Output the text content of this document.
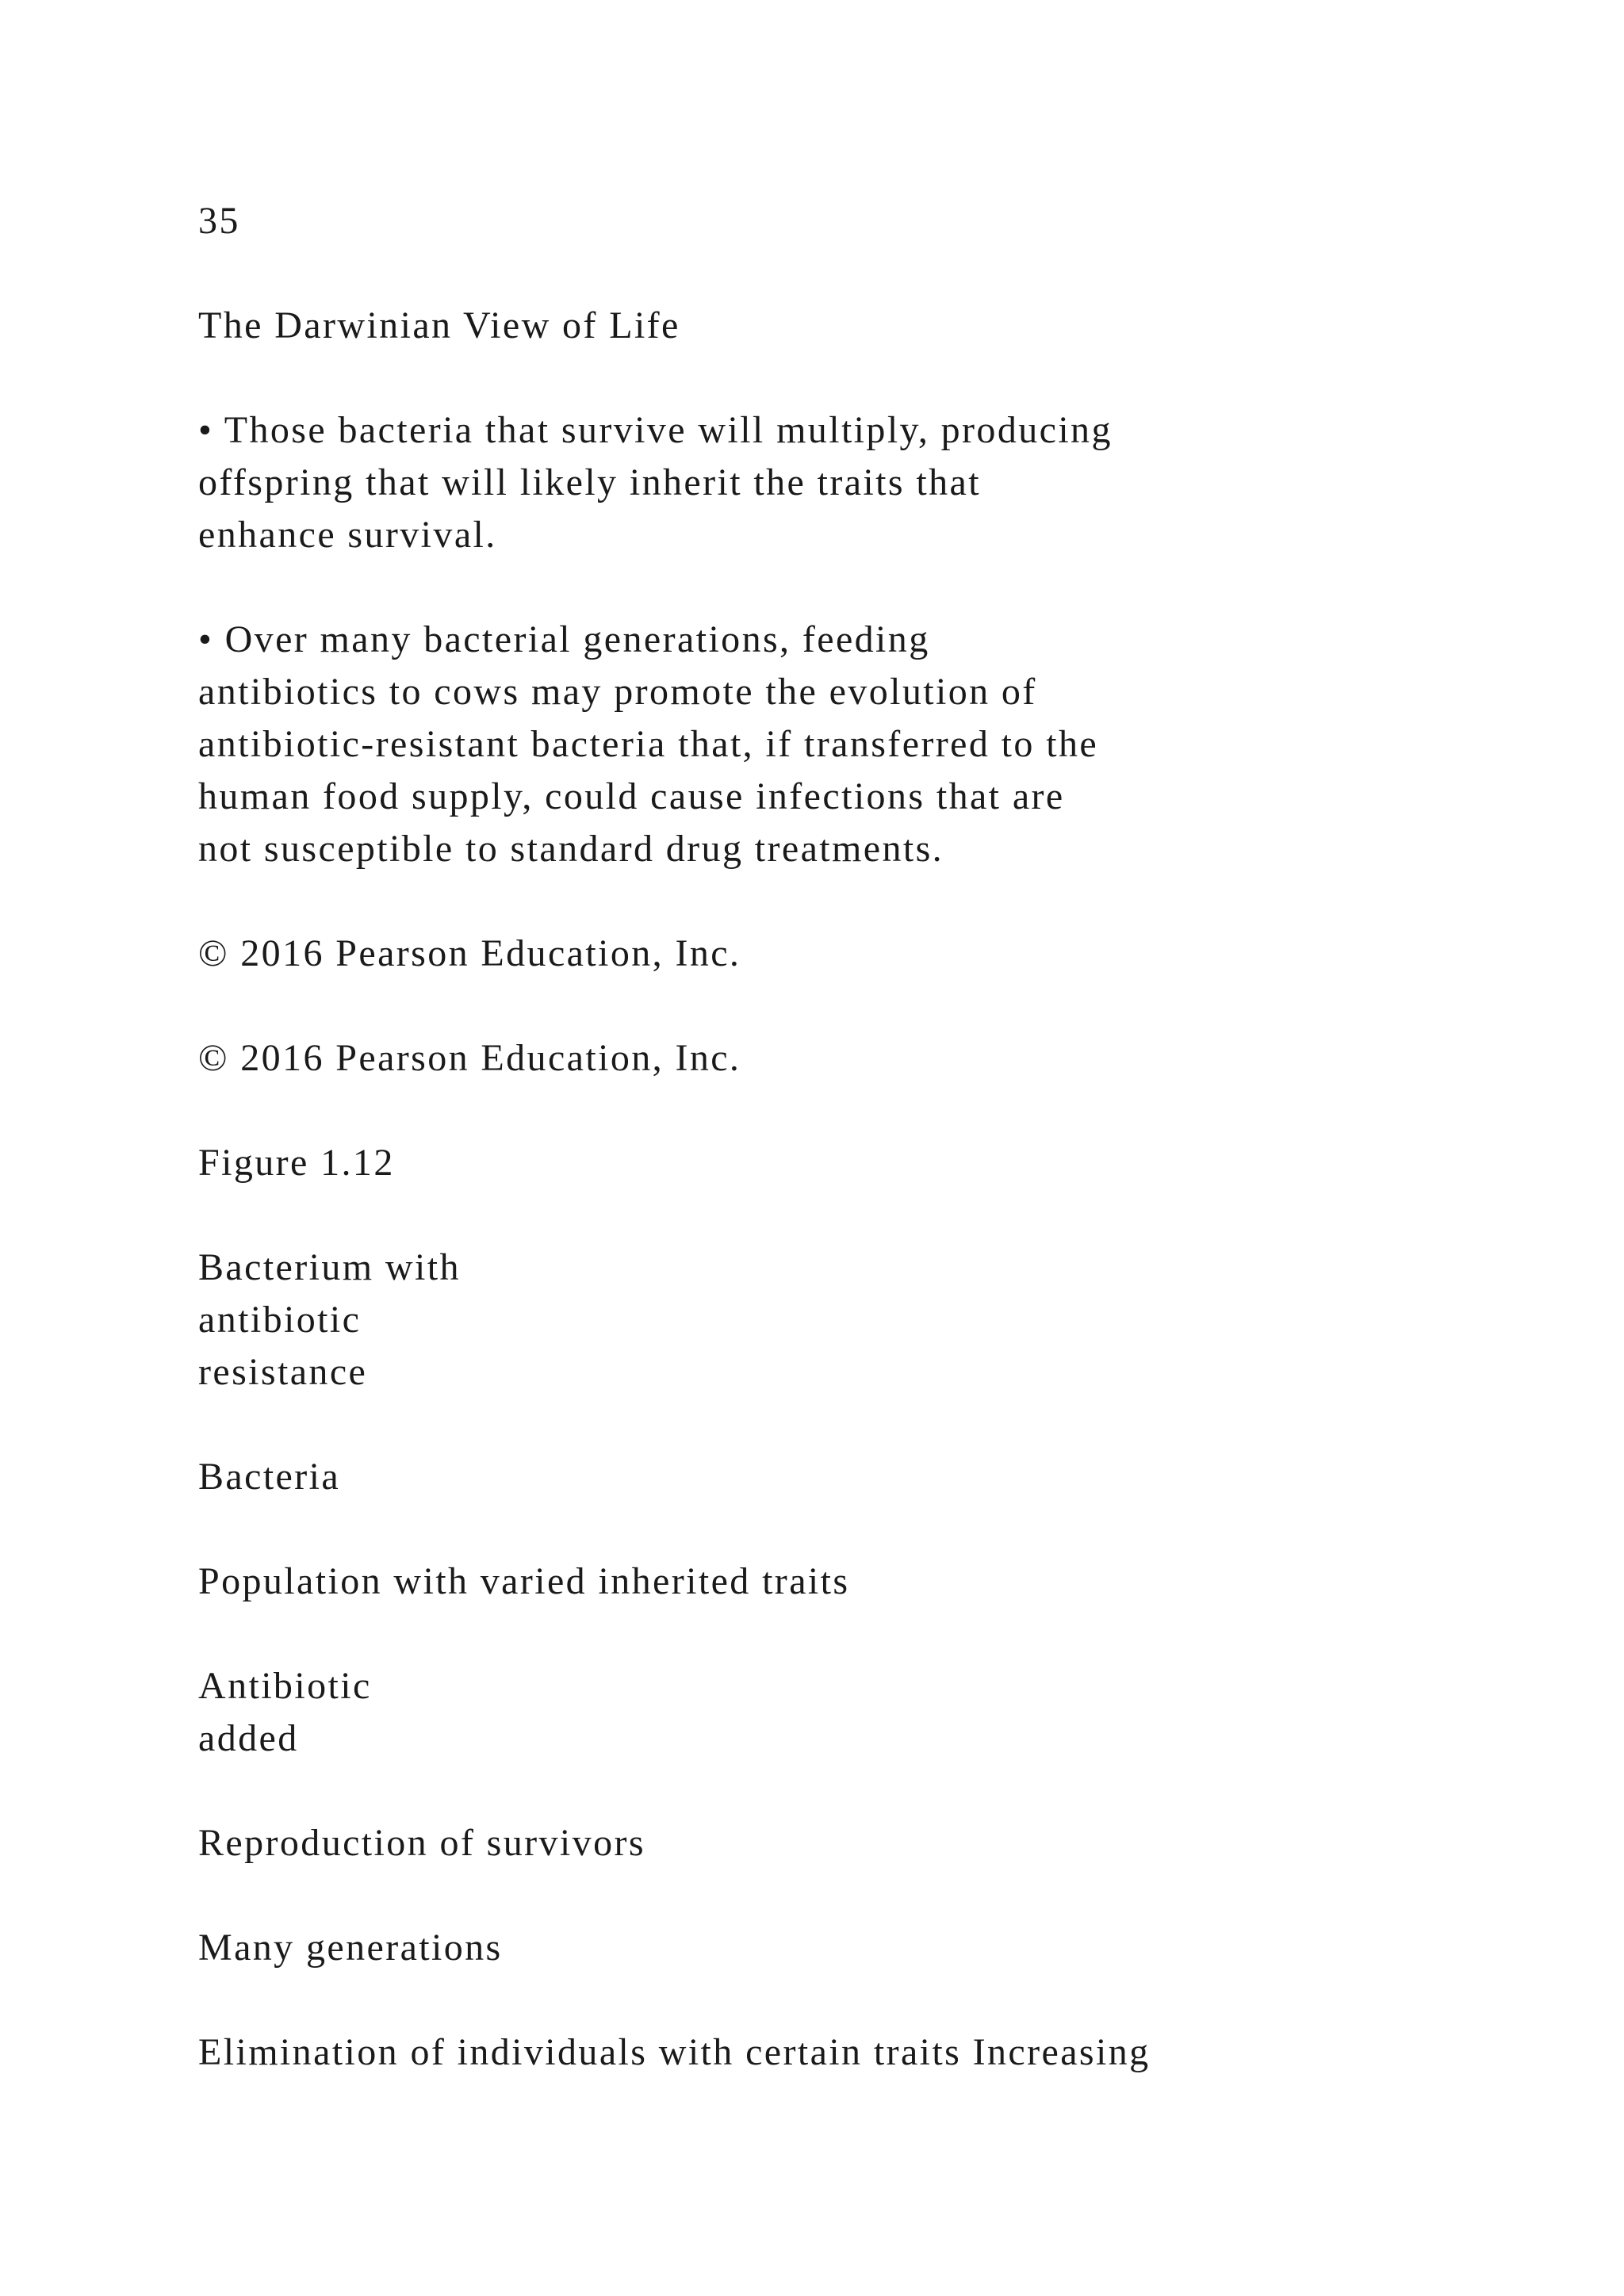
35

The Darwinian View of Life

• Those bacteria that survive will multiply, producing

offspring that will likely inherit the traits that

enhance survival.

• Over many bacterial generations, feeding

antibiotics to cows may promote the evolution of

antibiotic-resistant bacteria that, if transferred to the

human food supply, could cause infections that are

not susceptible to standard drug treatments.

© 2016 Pearson Education, Inc.

© 2016 Pearson Education, Inc.

Figure 1.12

Bacterium with

antibiotic

resistance

Bacteria

Population with varied inherited traits

Antibiotic

added

Reproduction of survivors

Many generations

Elimination of individuals with certain traits Increasing
